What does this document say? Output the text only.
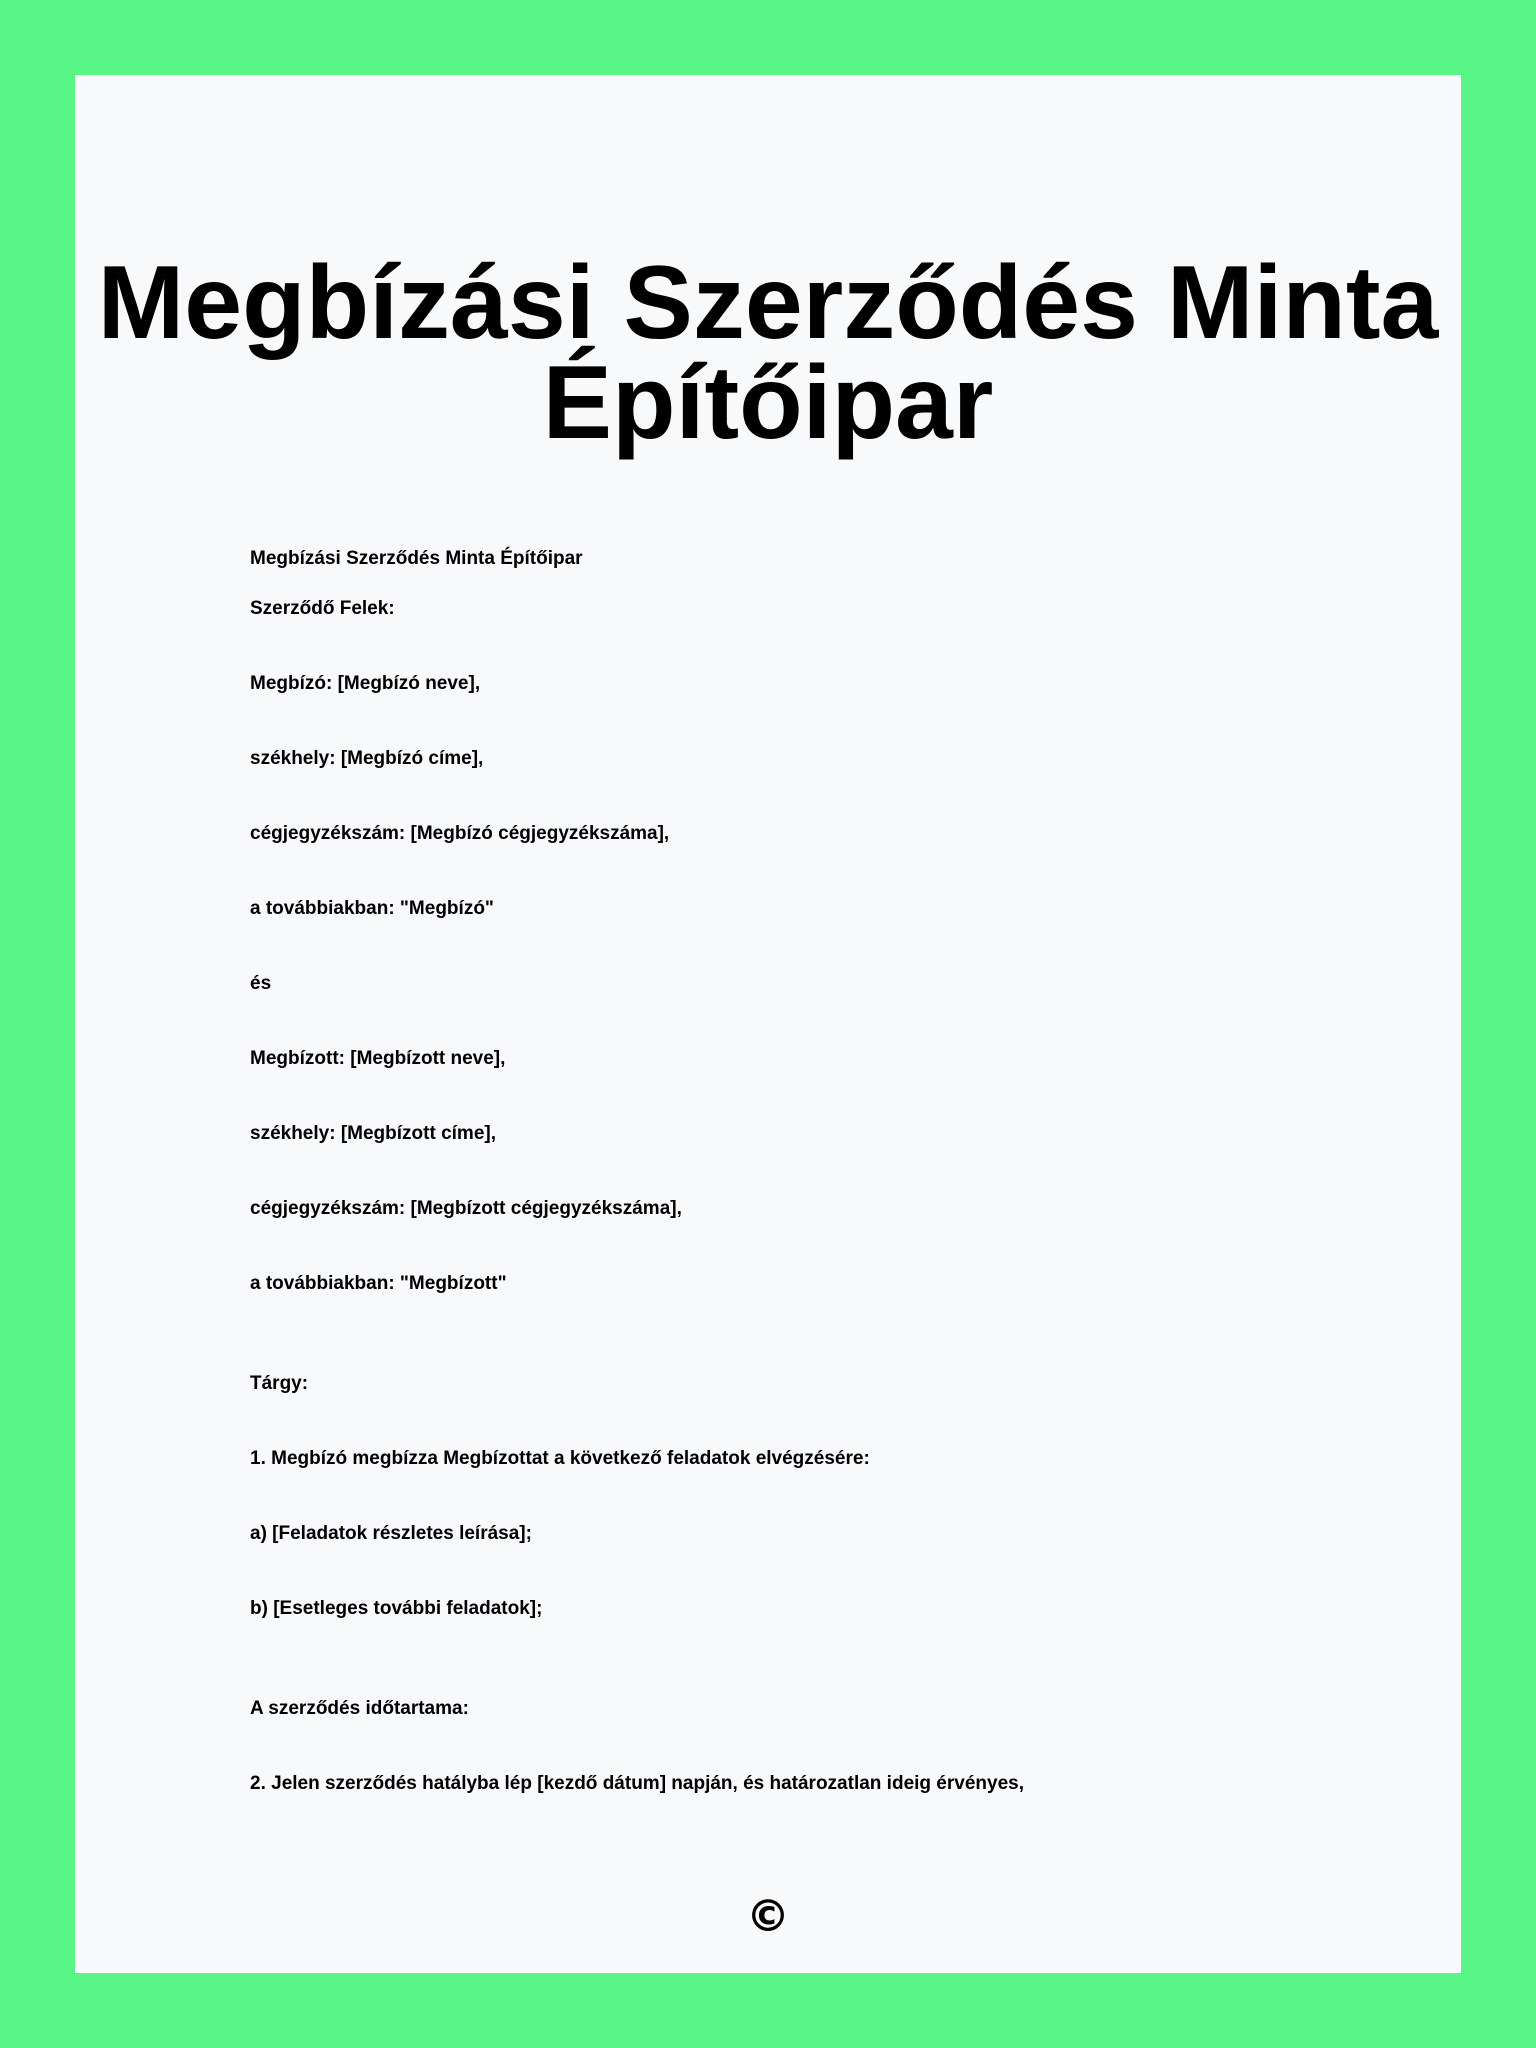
Megbízási Szerződés Minta
Építőipar
Megbízási Szerződés Minta Építőipar
Szerződő Felek:
Megbízó: [Megbízó neve],
székhely: [Megbízó címe],
cégjegyzékszám: [Megbízó cégjegyzékszáma],
a továbbiakban: "Megbízó"
és
Megbízott: [Megbízott neve],
székhely: [Megbízott címe],
cégjegyzékszám: [Megbízott cégjegyzékszáma],
a továbbiakban: "Megbízott"
Tárgy:
1. Megbízó megbízza Megbízottat a következő feladatok elvégzésére:
a) [Feladatok részletes leírása];
b) [Esetleges további feladatok];
A szerződés időtartama:
2. Jelen szerződés hatályba lép [kezdő dátum] napján, és határozatlan ideig érvényes,
©
